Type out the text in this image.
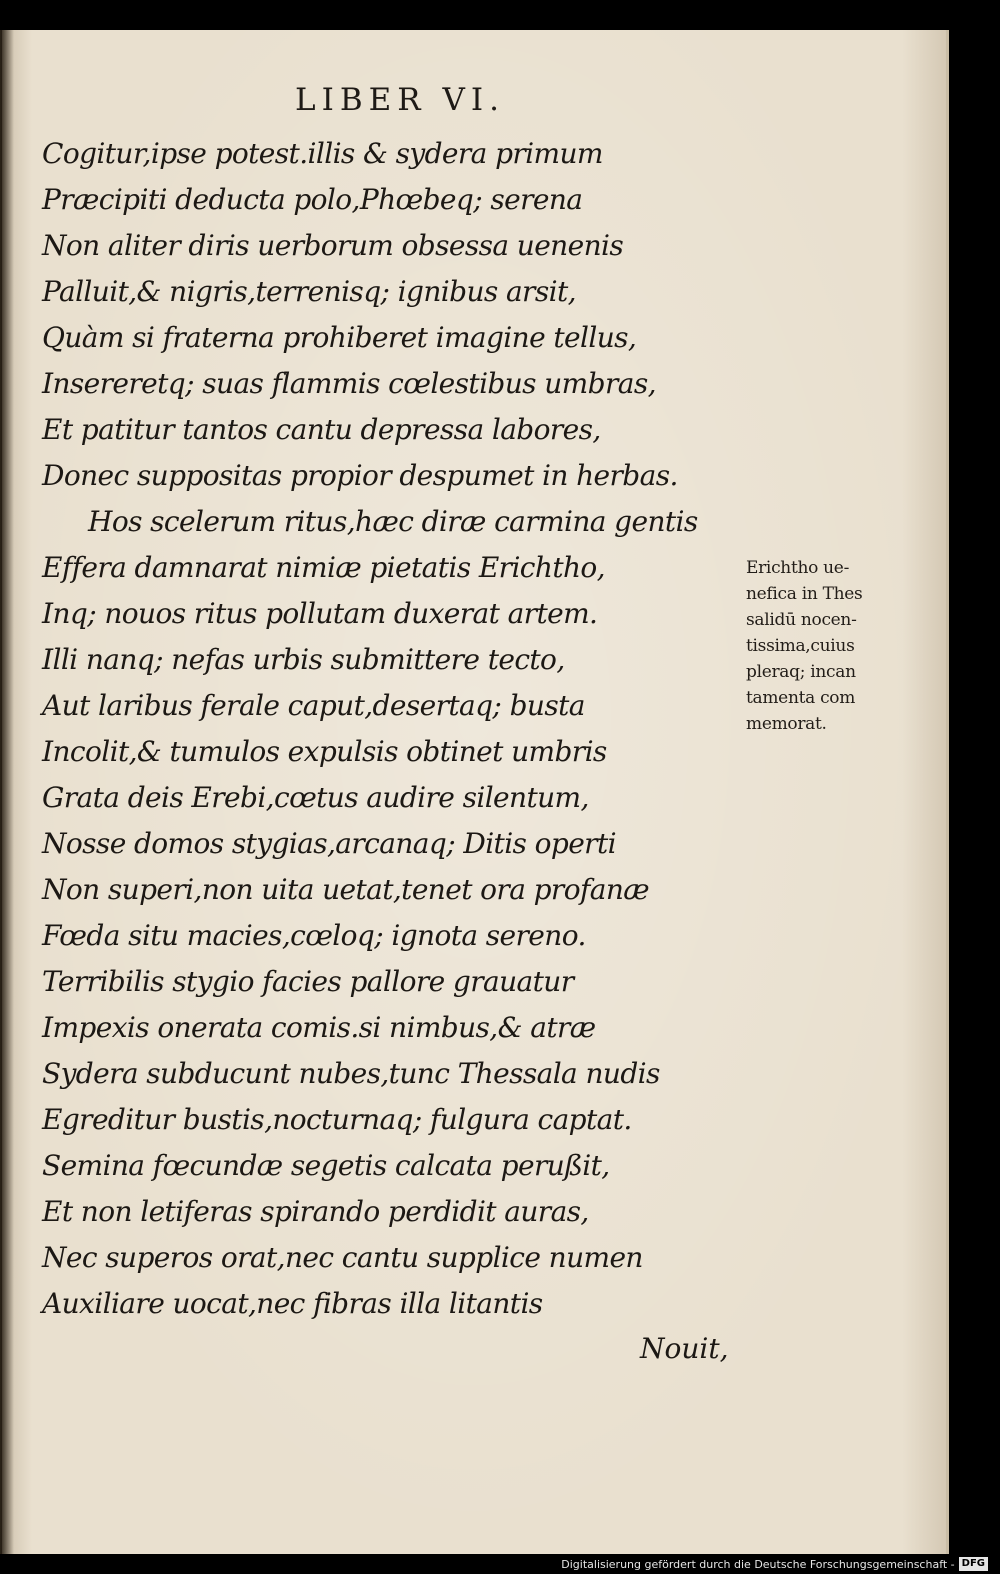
LIBER VI.
Cogitur,ipse potest.illis & sydera primum
Præcipiti deducta polo,Phœbeq; serena
Non aliter diris uerborum obsessa uenenis
Palluit,& nigris,terrenisq; ignibus arsit,
Quàm si fraterna prohiberet imagine tellus,
Insereretq; suas flammis cœlestibus umbras,
Et patitur tantos cantu depressa labores,
Donec suppositas propior despumet in herbas.
Hos scelerum ritus,hæc diræ carmina gentis
Effera damnarat nimiæ pietatis Erichtho,
Inq; nouos ritus pollutam duxerat artem.
Illi nanq; nefas urbis submittere tecto,
Aut laribus ferale caput,desertaq; busta
Incolit,& tumulos expulsis obtinet umbris
Grata deis Erebi,cœtus audire silentum,
Nosse domos stygias,arcanaq; Ditis operti
Non superi,non uita uetat,tenet ora profanæ
Fœda situ macies,cœloq; ignota sereno.
Terribilis stygio facies pallore grauatur
Impexis onerata comis.si nimbus,& atræ
Sydera subducunt nubes,tunc Thessala nudis
Egreditur bustis,nocturnaq; fulgura captat.
Semina fœcundæ segetis calcata perußit,
Et non letiferas spirando perdidit auras,
Nec superos orat,nec cantu supplice numen
Auxiliare uocat,nec fibras illa litantis
Erichtho ue-
nefica in Thes
salidū nocen-
tissima,cuius
pleraq; incan
tamenta com
memorat.
Nouit,
Digitalisierung gefördert durch die Deutsche Forschungsgemeinschaft - DFG
